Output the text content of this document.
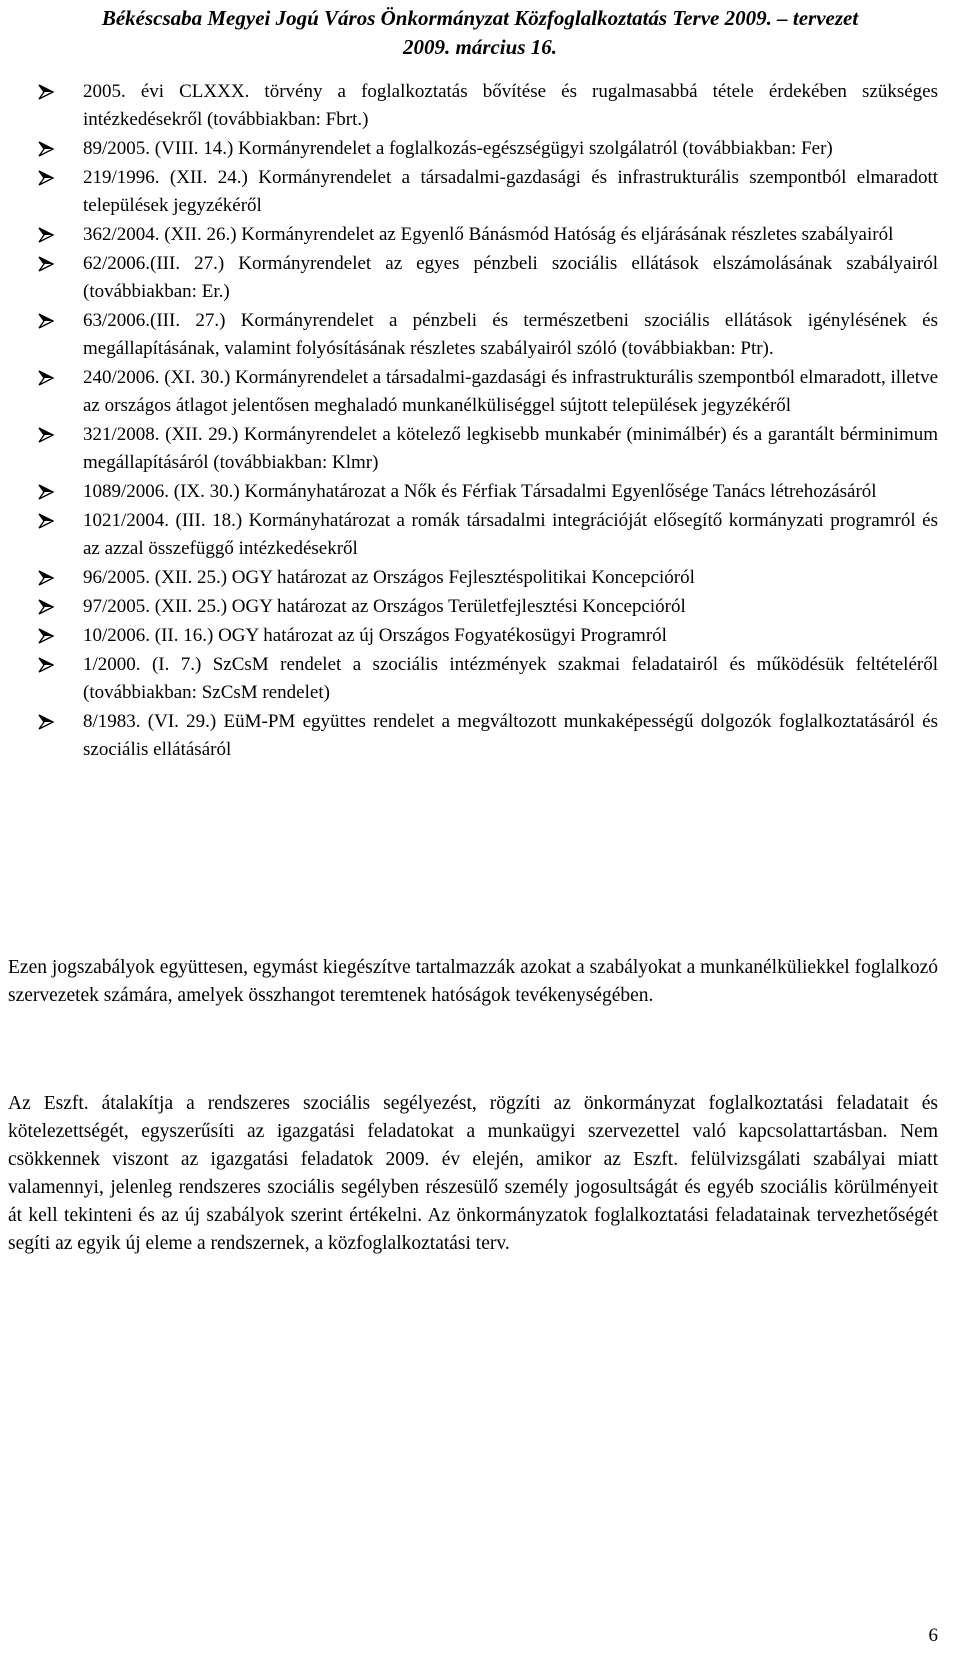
Békéscsaba Megyei Jogú Város Önkormányzat Közfoglalkoztatás Terve 2009. – tervezet
2009. március 16.
2005. évi CLXXX. törvény a foglalkoztatás bővítése és rugalmasabbá tétele érdekében szükséges intézkedésekről (továbbiakban: Fbrt.)
89/2005. (VIII. 14.) Kormányrendelet a foglalkozás-egészségügyi szolgálatról (továbbiakban: Fer)
219/1996. (XII. 24.) Kormányrendelet a társadalmi-gazdasági és infrastrukturális szempontból elmaradott települések jegyzékéről
362/2004. (XII. 26.) Kormányrendelet az Egyenlő Bánásmód Hatóság és eljárásának részletes szabályairól
62/2006.(III. 27.) Kormányrendelet az egyes pénzbeli szociális ellátások elszámolásának szabályairól (továbbiakban: Er.)
63/2006.(III. 27.) Kormányrendelet a pénzbeli és természetbeni szociális ellátások igénylésének és megállapításának, valamint folyósításának részletes szabályairól szóló (továbbiakban: Ptr).
240/2006. (XI. 30.) Kormányrendelet a társadalmi-gazdasági és infrastrukturális szempontból elmaradott, illetve az országos átlagot jelentősen meghaladó munkanélküliséggel sújtott települések jegyzékéről
321/2008. (XII. 29.) Kormányrendelet a kötelező legkisebb munkabér (minimálbér) és a garantált bérminimum megállapításáról (továbbiakban: Klmr)
1089/2006. (IX. 30.) Kormányhatározat a Nők és Férfiak Társadalmi Egyenlősége Tanács létrehozásáról
1021/2004. (III. 18.) Kormányhatározat a romák társadalmi integrációját elősegítő kormányzati programról és az azzal összefüggő intézkedésekről
96/2005. (XII. 25.) OGY határozat az Országos Fejlesztéspolitikai Koncepcióról
97/2005. (XII. 25.) OGY határozat az Országos Területfejlesztési Koncepcióról
10/2006. (II. 16.) OGY határozat az új Országos Fogyatékosügyi Programról
1/2000. (I. 7.) SzCsM rendelet a szociális intézmények szakmai feladatairól és működésük feltételéről (továbbiakban: SzCsM rendelet)
8/1983. (VI. 29.) EüM-PM együttes rendelet a megváltozott munkaképességű dolgozók foglalkoztatásáról és szociális ellátásáról

Ezen jogszabályok együttesen, egymást kiegészítve tartalmazzák azokat a szabályokat a munkanélküliekkel foglalkozó szervezetek számára, amelyek összhangot teremtenek hatóságok tevékenységében.

Az Eszft. átalakítja a rendszeres szociális segélyezést, rögzíti az önkormányzat foglalkoztatási feladatait és kötelezettségét, egyszerűsíti az igazgatási feladatokat a munkaügyi szervezettel való kapcsolattartásban. Nem csökkennek viszont az igazgatási feladatok 2009. év elején, amikor az Eszft. felülvizsgálati szabályai miatt valamennyi, jelenleg rendszeres szociális segélyben részesülő személy jogosultságát és egyéb szociális körülményeit át kell tekinteni és az új szabályok szerint értékelni. Az önkormányzatok foglalkoztatási feladatainak tervezhetőségét segíti az egyik új eleme a rendszernek, a közfoglalkoztatási terv.

6
